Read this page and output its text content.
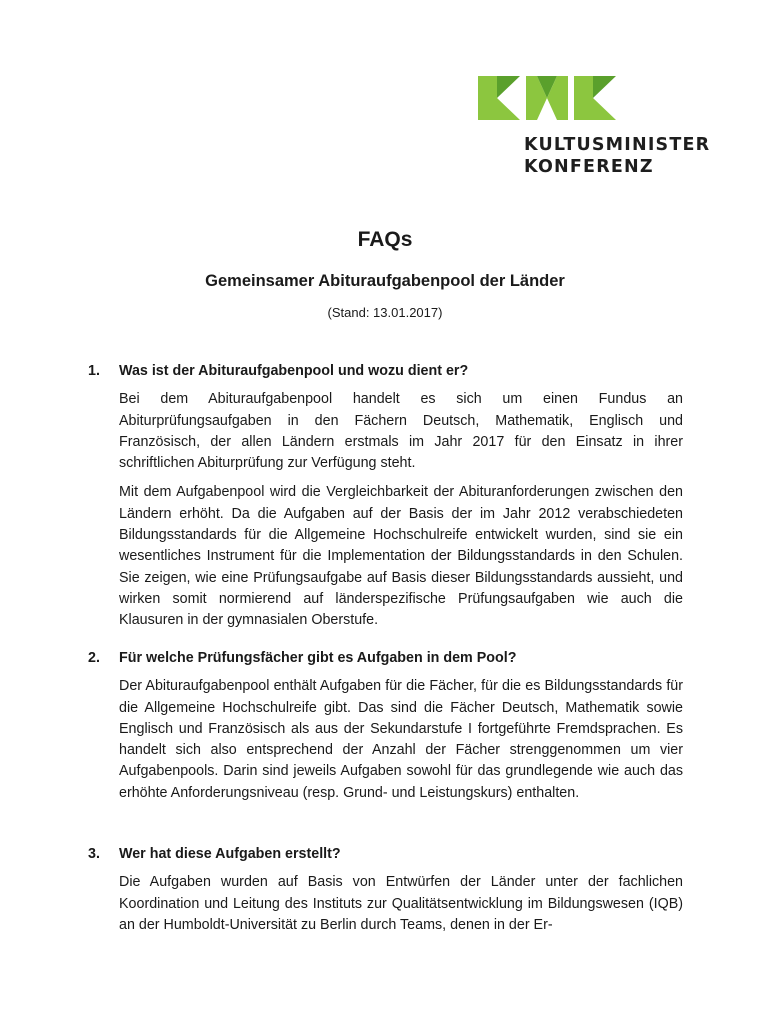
KULTUSMINISTER
KONFERENZ
FAQs
Gemeinsamer Abituraufgabenpool der Länder
(Stand: 13.01.2017)
1. Was ist der Abituraufgabenpool und wozu dient er?
Bei dem Abituraufgabenpool handelt es sich um einen Fundus an Abiturprüfungsaufgaben in den Fächern Deutsch, Mathematik, Englisch und Französisch, der allen Ländern erstmals im Jahr 2017 für den Einsatz in ihrer schriftlichen Abiturprüfung zur Verfügung steht.
Mit dem Aufgabenpool wird die Vergleichbarkeit der Abituranforderungen zwischen den Ländern erhöht. Da die Aufgaben auf der Basis der im Jahr 2012 verabschiedeten Bildungsstandards für die Allgemeine Hochschulreife entwickelt wurden, sind sie ein wesentliches Instrument für die Implementation der Bildungsstandards in den Schulen. Sie zeigen, wie eine Prüfungsaufgabe auf Basis dieser Bildungsstandards aussieht, und wirken somit normierend auf länderspezifische Prüfungsaufgaben wie auch die Klausuren in der gymnasialen Oberstufe.
2. Für welche Prüfungsfächer gibt es Aufgaben in dem Pool?
Der Abituraufgabenpool enthält Aufgaben für die Fächer, für die es Bildungsstandards für die Allgemeine Hochschulreife gibt. Das sind die Fächer Deutsch, Mathematik sowie Englisch und Französisch als aus der Sekundarstufe I fortgeführte Fremdsprachen. Es handelt sich also entsprechend der Anzahl der Fächer strenggenommen um vier Aufgabenpools. Darin sind jeweils Aufgaben sowohl für das grundlegende wie auch das erhöhte Anforderungsniveau (resp. Grund- und Leistungskurs) enthalten.
3. Wer hat diese Aufgaben erstellt?
Die Aufgaben wurden auf Basis von Entwürfen der Länder unter der fachlichen Koordination und Leitung des Instituts zur Qualitätsentwicklung im Bildungswesen (IQB) an der Humboldt-Universität zu Berlin durch Teams, denen in der Er-
